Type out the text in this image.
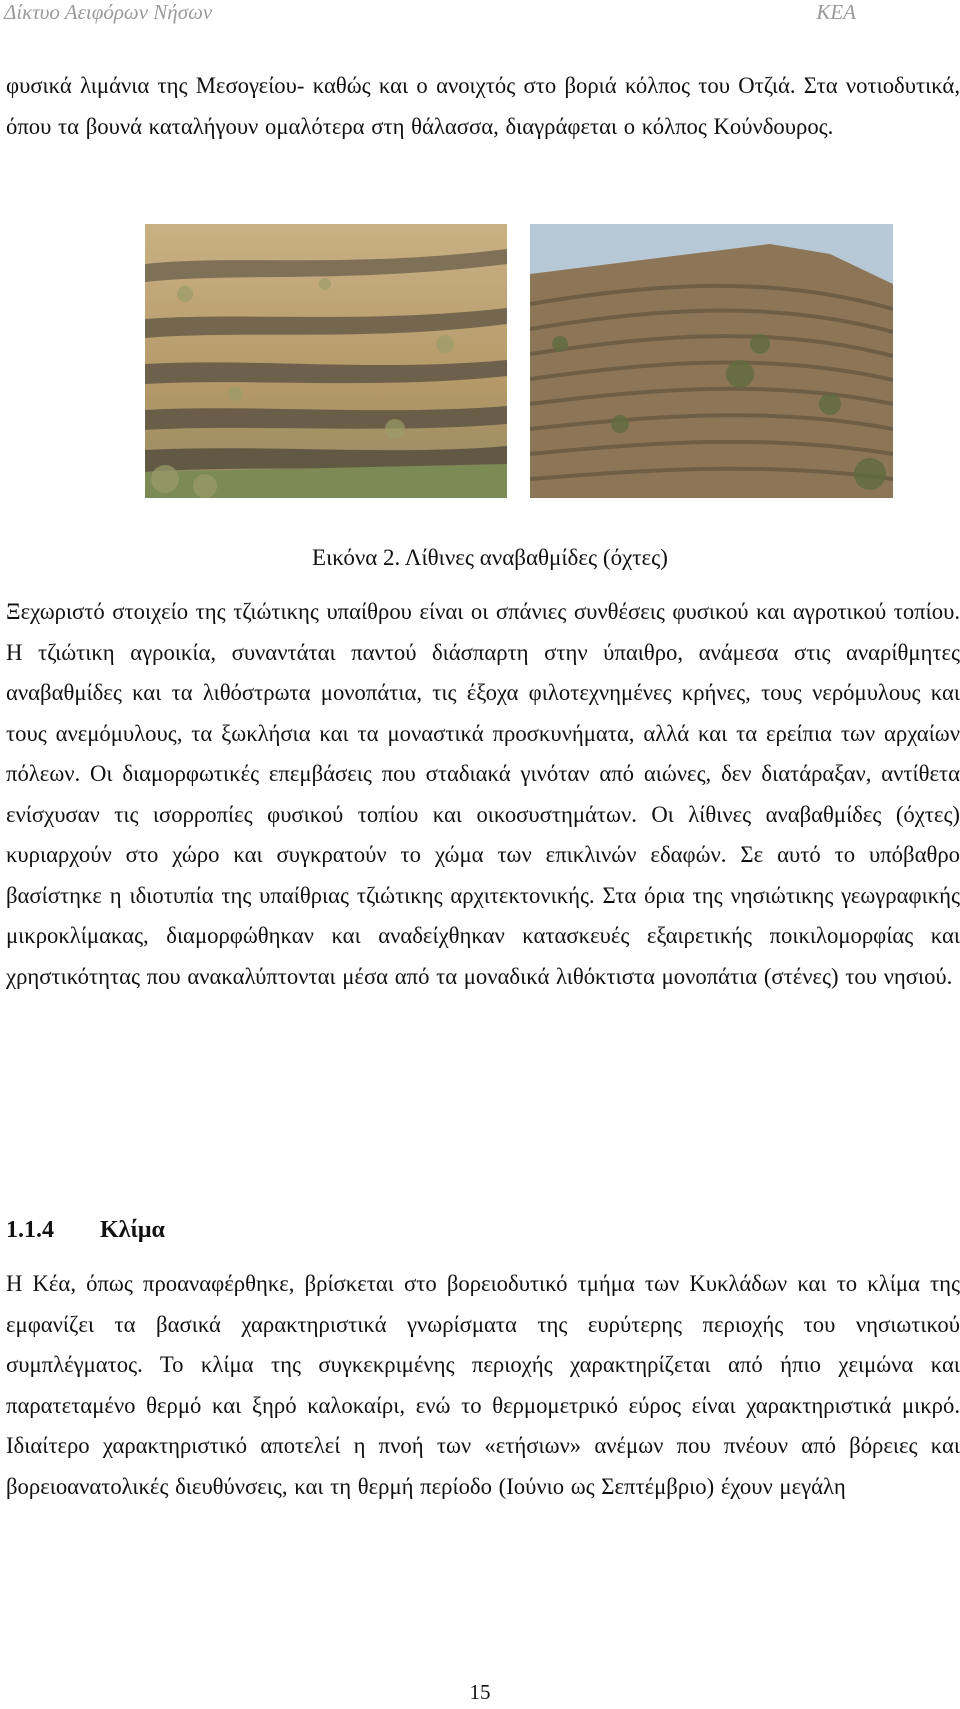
Δίκτυο Αειφόρων Νήσων	ΚΕΑ
φυσικά λιμάνια της Μεσογείου- καθώς και ο ανοιχτός στο βοριά κόλπος του Οτζιά. Στα νοτιοδυτικά, όπου τα βουνά καταλήγουν ομαλότερα στη θάλασσα, διαγράφεται ο κόλπος Κούνδουρος.
Εικόνα 2. Λίθινες αναβαθμίδες (όχτες)
Ξεχωριστό στοιχείο της τζιώτικης υπαίθρου είναι οι σπάνιες συνθέσεις φυσικού και αγροτικού τοπίου. Η τζιώτικη αγροικία, συναντάται παντού διάσπαρτη στην ύπαιθρο, ανάμεσα στις αναρίθμητες αναβαθμίδες και τα λιθόστρωτα μονοπάτια, τις έξοχα φιλοτεχνημένες κρήνες, τους νερόμυλους και τους ανεμόμυλους, τα ξωκλήσια και τα μοναστικά προσκυνήματα, αλλά και τα ερείπια των αρχαίων πόλεων. Οι διαμορφωτικές επεμβάσεις που σταδιακά γινόταν από αιώνες, δεν διατάραξαν, αντίθετα ενίσχυσαν τις ισορροπίες φυσικού τοπίου και οικοσυστημάτων. Οι λίθινες αναβαθμίδες (όχτες) κυριαρχούν στο χώρο και συγκρατούν το χώμα των επικλινών εδαφών. Σε αυτό το υπόβαθρο βασίστηκε η ιδιοτυπία της υπαίθριας τζιώτικης αρχιτεκτονικής. Στα όρια της νησιώτικης γεωγραφικής μικροκλίμακας, διαμορφώθηκαν και αναδείχθηκαν κατασκευές εξαιρετικής ποικιλομορφίας και χρηστικότητας που ανακαλύπτονται μέσα από τα μοναδικά λιθόκτιστα μονοπάτια (στένες) του νησιού.
1.1.4 Κλίμα
Η Κέα, όπως προαναφέρθηκε, βρίσκεται στο βορειοδυτικό τμήμα των Κυκλάδων και το κλίμα της εμφανίζει τα βασικά χαρακτηριστικά γνωρίσματα της ευρύτερης περιοχής του νησιωτικού συμπλέγματος. Το κλίμα της συγκεκριμένης περιοχής χαρακτηρίζεται από ήπιο χειμώνα και παρατεταμένο θερμό και ξηρό καλοκαίρι, ενώ το θερμομετρικό εύρος είναι χαρακτηριστικά μικρό. Ιδιαίτερο χαρακτηριστικό αποτελεί η πνοή των «ετήσιων» ανέμων που πνέουν από βόρειες και βορειοανατολικές διευθύνσεις, και τη θερμή περίοδο (Ιούνιο ως Σεπτέμβριο) έχουν μεγάλη
15
